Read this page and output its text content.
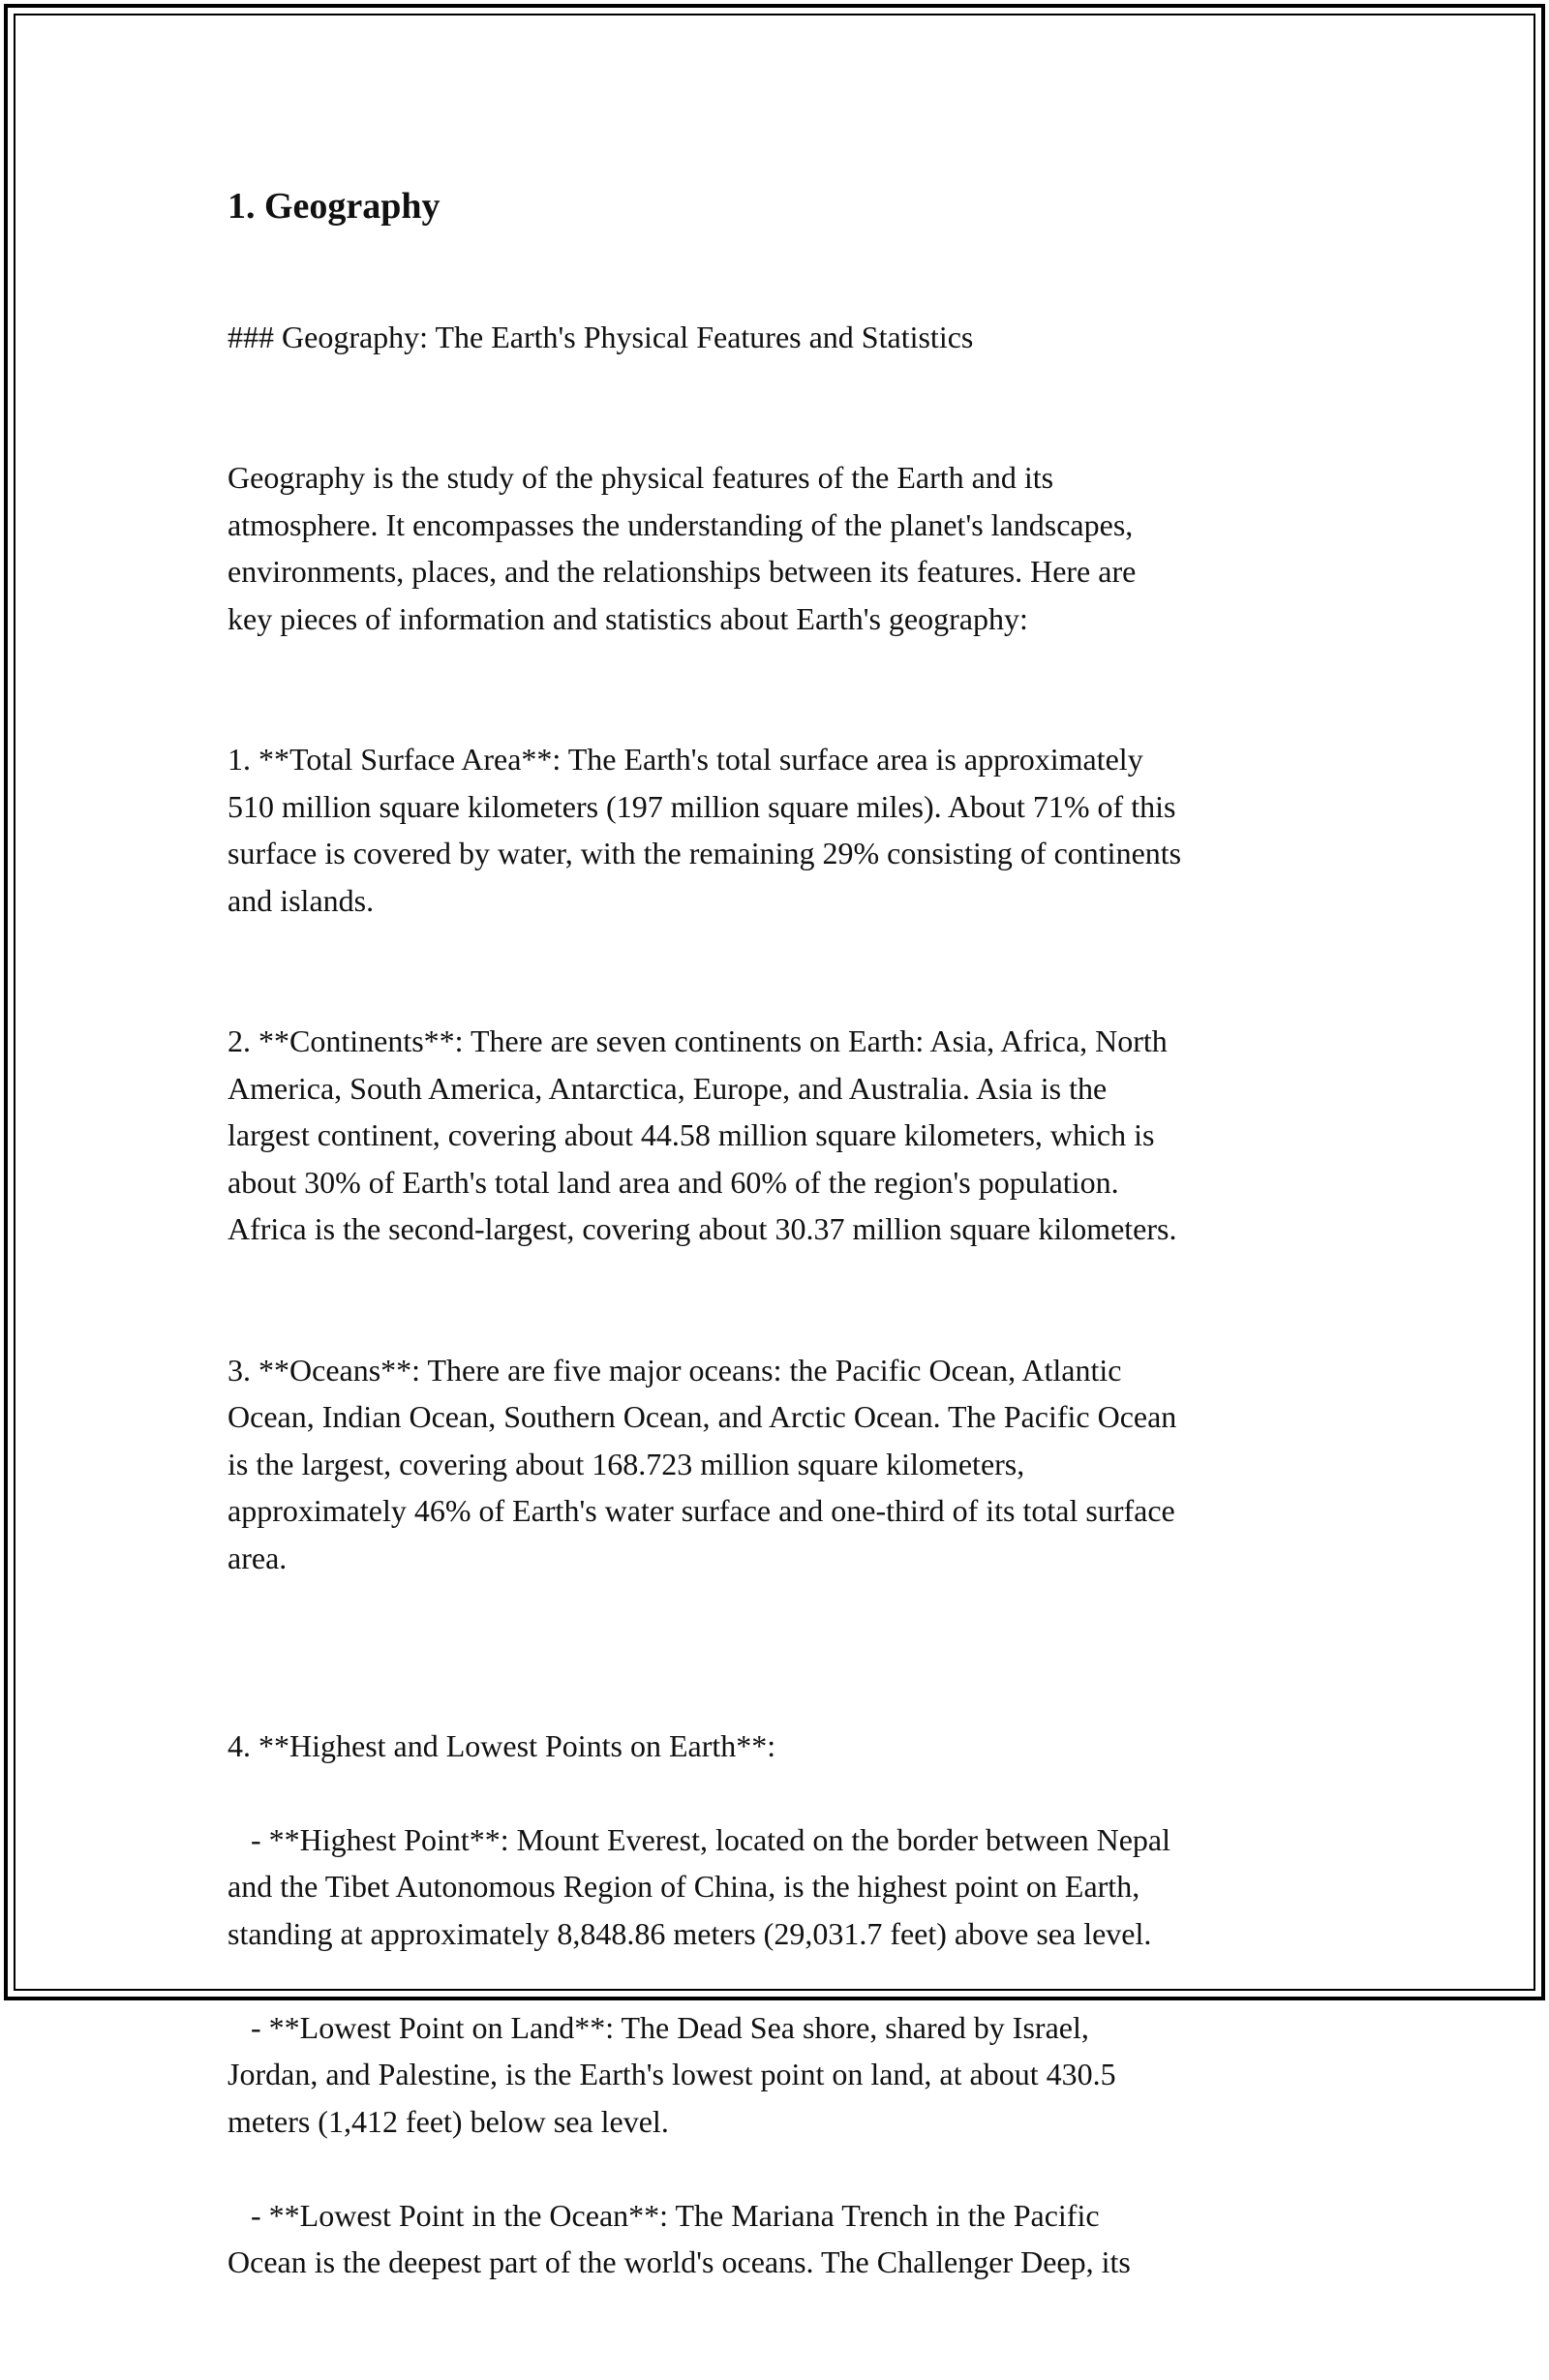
1. Geography

### Geography: The Earth's Physical Features and Statistics

Geography is the study of the physical features of the Earth and its
atmosphere. It encompasses the understanding of the planet's landscapes,
environments, places, and the relationships between its features. Here are
key pieces of information and statistics about Earth's geography:

1. **Total Surface Area**: The Earth's total surface area is approximately
510 million square kilometers (197 million square miles). About 71% of this
surface is covered by water, with the remaining 29% consisting of continents
and islands.

2. **Continents**: There are seven continents on Earth: Asia, Africa, North
America, South America, Antarctica, Europe, and Australia. Asia is the
largest continent, covering about 44.58 million square kilometers, which is
about 30% of Earth's total land area and 60% of the region's population.
Africa is the second-largest, covering about 30.37 million square kilometers.

3. **Oceans**: There are five major oceans: the Pacific Ocean, Atlantic
Ocean, Indian Ocean, Southern Ocean, and Arctic Ocean. The Pacific Ocean
is the largest, covering about 168.723 million square kilometers,
approximately 46% of Earth's water surface and one-third of its total surface
area.

4. **Highest and Lowest Points on Earth**:

- **Highest Point**: Mount Everest, located on the border between Nepal
and the Tibet Autonomous Region of China, is the highest point on Earth,
standing at approximately 8,848.86 meters (29,031.7 feet) above sea level.

- **Lowest Point on Land**: The Dead Sea shore, shared by Israel,
Jordan, and Palestine, is the Earth's lowest point on land, at about 430.5
meters (1,412 feet) below sea level.

- **Lowest Point in the Ocean**: The Mariana Trench in the Pacific
Ocean is the deepest part of the world's oceans. The Challenger Deep, its
